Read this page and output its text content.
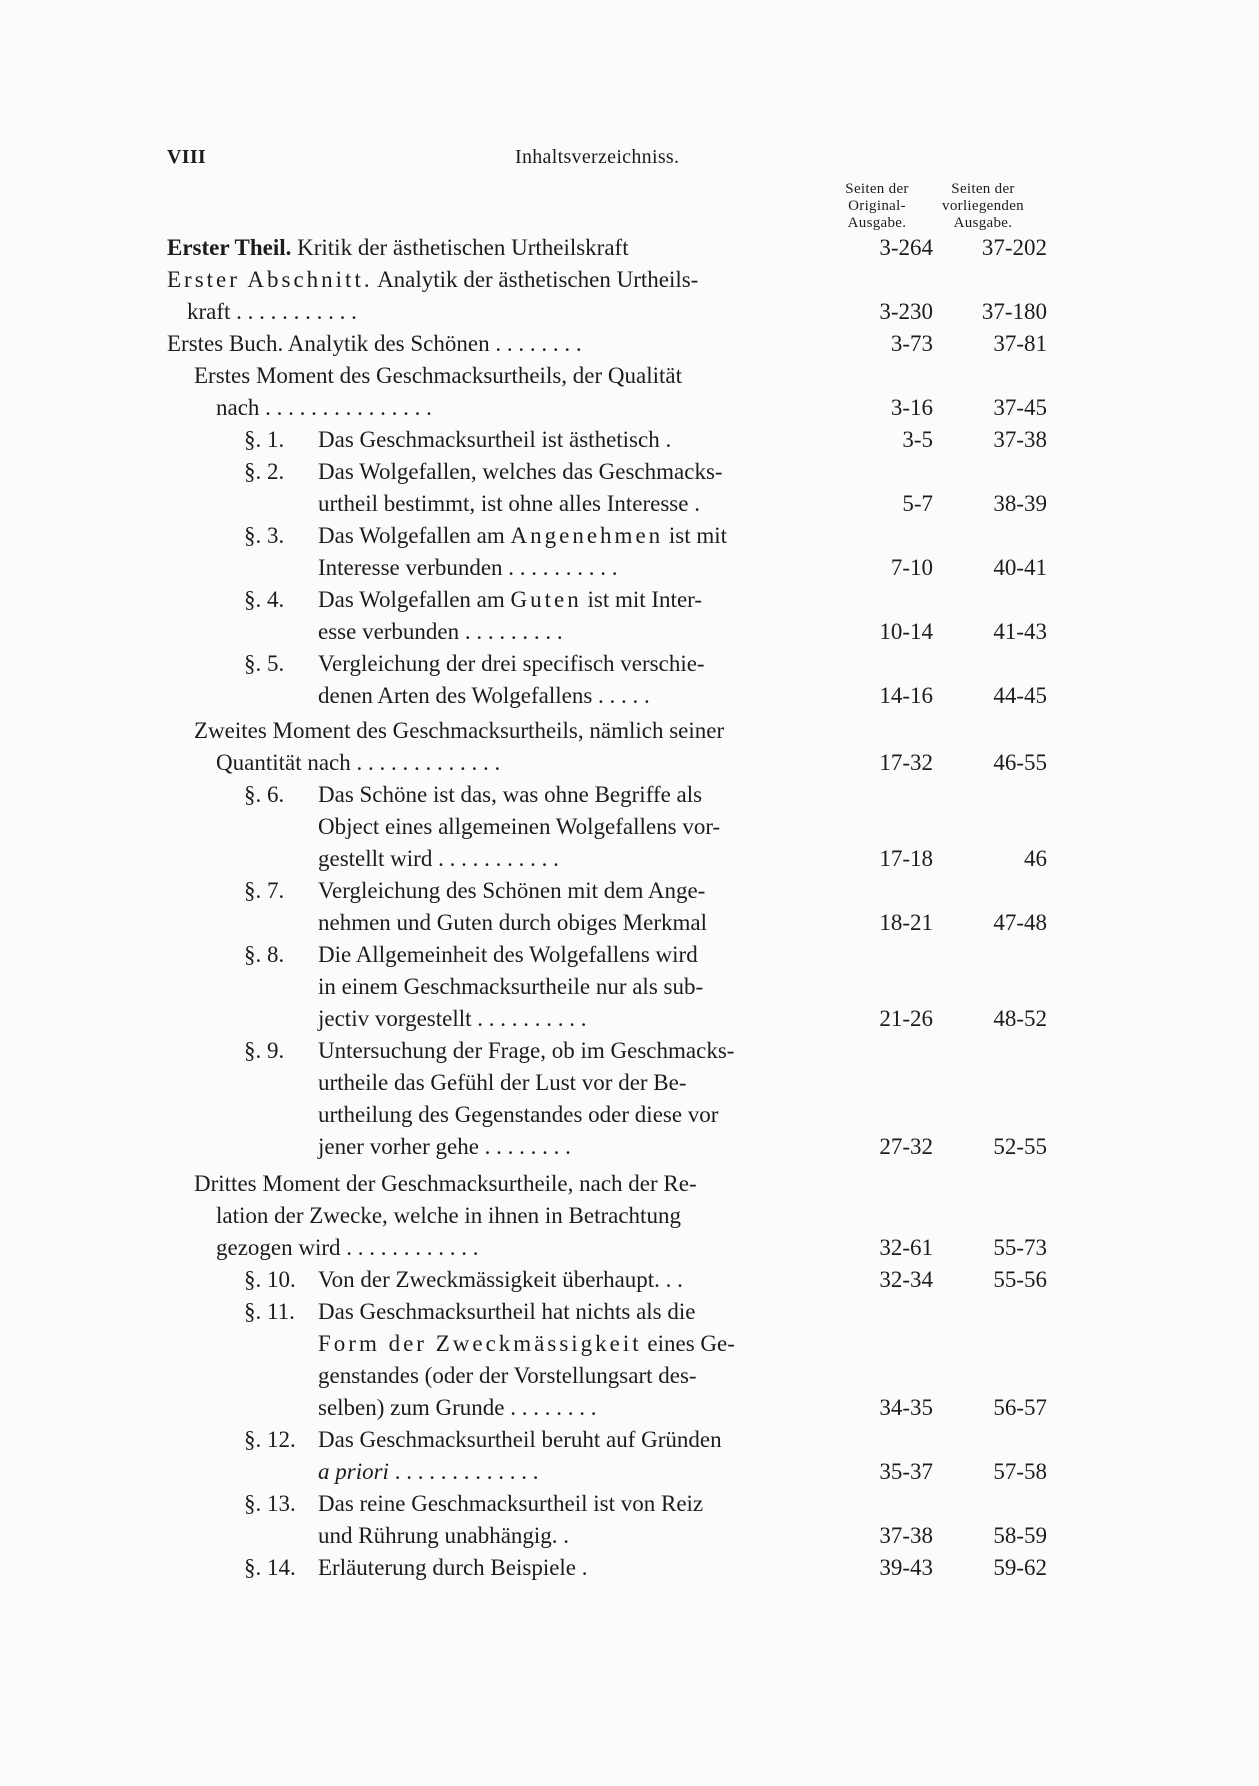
VIII	Inhaltsverzeichniss.
Seiten der
Original-
Ausgabe.
Seiten der
vorliegenden
Ausgabe.
Erster Theil. Kritik der ästhetischen Urtheilskraft	3-264 37-202
Erster Abschnitt. Analytik der ästhetischen Urtheils-
kraft . . . . . . . . . . .	3-230 37-180
Erstes Buch. Analytik des Schönen . . . . . . . .	3-73	37-81
Erstes Moment des Geschmacksurtheils, der Qualität
nach . . . . . . . . . . . . . . .	3-16	37-45
§. 1. Das Geschmacksurtheil ist ästhetisch .	3-5	37-38
§. 2. Das Wolgefallen, welches das Geschmacks-
urtheil bestimmt, ist ohne alles Interesse .	5-7	38-39
§. 3. Das Wolgefallen am Angenehmen ist mit
Interesse verbunden . . . . . . . . . .	7-10	40-41
§. 4. Das Wolgefallen am Guten ist mit Inter-
esse verbunden . . . . . . . . .	10-14	41-43
§. 5. Vergleichung der drei specifisch verschie-
denen Arten des Wolgefallens . . . . .	14-16	44-45
Zweites Moment des Geschmacksurtheils, nämlich seiner
Quantität nach . . . . . . . . . . . . .	17-32	46-55
§. 6. Das Schöne ist das, was ohne Begriffe als
Object eines allgemeinen Wolgefallens vor-
gestellt wird . . . . . . . . . . .	17-18	46
§. 7. Vergleichung des Schönen mit dem Ange-
nehmen und Guten durch obiges Merkmal	18-21	47-48
§. 8. Die Allgemeinheit des Wolgefallens wird
in einem Geschmacksurtheile nur als sub-
jectiv vorgestellt . . . . . . . . . .	21-26	48-52
§. 9. Untersuchung der Frage, ob im Geschmacks-
urtheile das Gefühl der Lust vor der Be-
urtheilung des Gegenstandes oder diese vor
jener vorher gehe . . . . . . . .	27-32	52-55
Drittes Moment der Geschmacksurtheile, nach der Re-
lation der Zwecke, welche in ihnen in Betrachtung
gezogen wird . . . . . . . . . . . .	32-61	55-73
§. 10. Von der Zweckmässigkeit überhaupt. . .	32-34	55-56
§. 11. Das Geschmacksurtheil hat nichts als die
Form der Zweckmässigkeit eines Ge-
genstandes (oder der Vorstellungsart des-
selben) zum Grunde . . . . . . . .	34-35	56-57
§. 12. Das Geschmacksurtheil beruht auf Gründen
a priori . . . . . . . . . . . . .	35-37	57-58
§. 13. Das reine Geschmacksurtheil ist von Reiz
und Rührung unabhängig. .	37-38	58-59
§. 14. Erläuterung durch Beispiele .	39-43	59-62
